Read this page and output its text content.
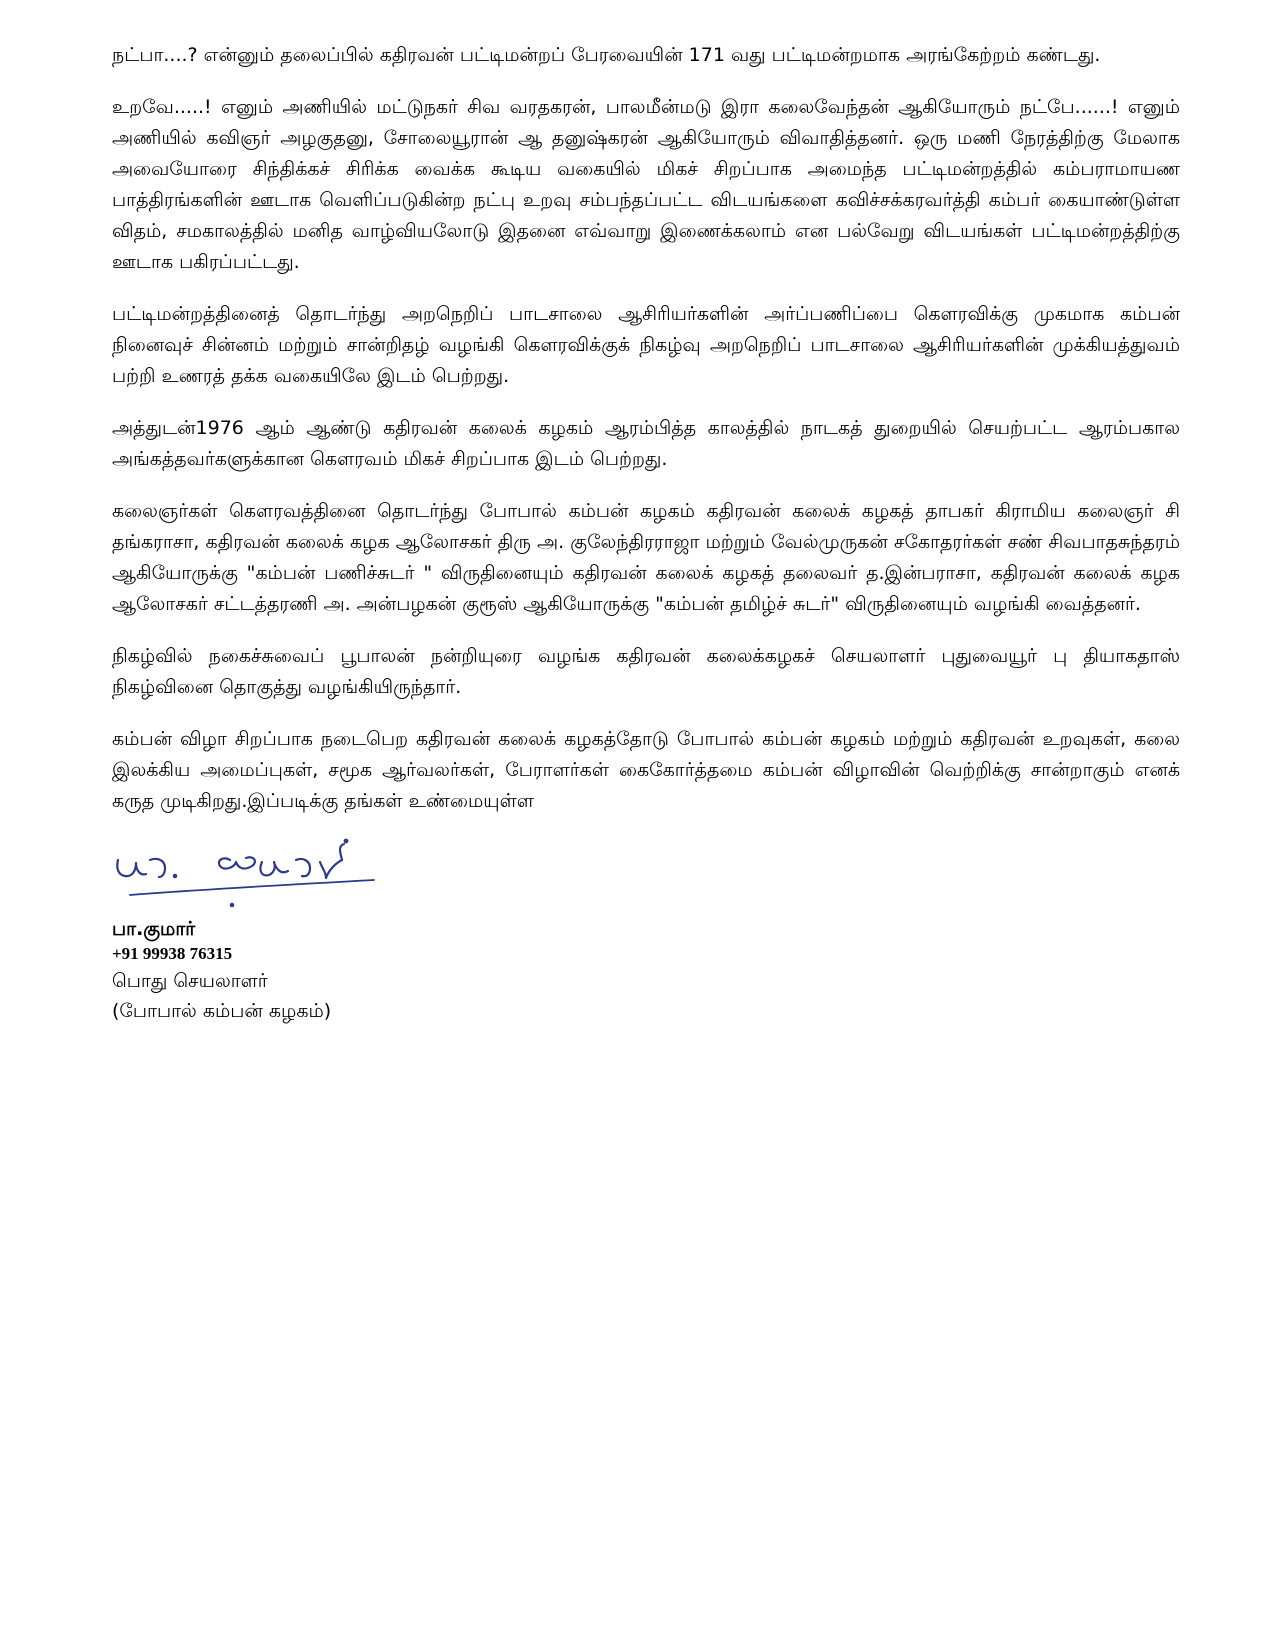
நட்பா....? என்னும் தலைப்பில் கதிரவன் பட்டிமன்றப் பேரவையின் 171 வது பட்டிமன்றமாக அரங்கேற்றம் கண்டது.

உறவே.....! எனும் அணியில் மட்டுநகர் சிவ வரதகரன், பாலமீன்மடு இரா கலைவேந்தன் ஆகியோரும் நட்பே......! எனும் அணியில் கவிஞர் அழகுதனு, சோலையூரான் ஆ தனுஷ்கரன் ஆகியோரும் விவாதித்தனர். ஒரு மணி நேரத்திற்கு மேலாக அவையோரை சிந்திக்கச் சிரிக்க வைக்க கூடிய வகையில் மிகச் சிறப்பாக அமைந்த பட்டிமன்றத்தில் கம்பராமாயண பாத்திரங்களின் ஊடாக வெளிப்படுகின்ற நட்பு உறவு சம்பந்தப்பட்ட விடயங்களை கவிச்சக்கரவர்த்தி கம்பர் கையாண்டுள்ள விதம், சமகாலத்தில் மனித வாழ்வியலோடு இதனை எவ்வாறு இணைக்கலாம் என பல்வேறு விடயங்கள் பட்டிமன்றத்திற்கு ஊடாக பகிரப்பட்டது.

பட்டிமன்றத்தினைத் தொடர்ந்து அறநெறிப் பாடசாலை ஆசிரியர்களின் அர்ப்பணிப்பை கௌரவிக்கு முகமாக கம்பன் நினைவுச் சின்னம் மற்றும் சான்றிதழ் வழங்கி கௌரவிக்குக் நிகழ்வு அறநெறிப் பாடசாலை ஆசிரியர்களின் முக்கியத்துவம் பற்றி உணரத் தக்க வகையிலே இடம் பெற்றது.

அத்துடன்1976 ஆம் ஆண்டு கதிரவன் கலைக் கழகம் ஆரம்பித்த காலத்தில் நாடகத் துறையில் செயற்பட்ட ஆரம்பகால அங்கத்தவர்களுக்கான கௌரவம் மிகச் சிறப்பாக இடம் பெற்றது.

கலைஞர்கள் கௌரவத்தினை தொடர்ந்து போபால் கம்பன் கழகம் கதிரவன் கலைக் கழகத் தாபகர் கிராமிய கலைஞர் சி தங்கராசா, கதிரவன் கலைக் கழக ஆலோசகர் திரு அ. குலேந்திரராஜா மற்றும் வேல்முருகன் சகோதரர்கள் சண் சிவபாதசுந்தரம் ஆகியோருக்கு "கம்பன் பணிச்சுடர் " விருதினையும் கதிரவன் கலைக் கழகத் தலைவர் த.இன்பராசா, கதிரவன் கலைக் கழக ஆலோசகர் சட்டத்தரணி அ. அன்பழகன் குரூஸ் ஆகியோருக்கு "கம்பன் தமிழ்ச் சுடர்" விருதினையும் வழங்கி வைத்தனர்.

நிகழ்வில் நகைச்சுவைப் பூபாலன் நன்றியுரை வழங்க கதிரவன் கலைக்கழகச் செயலாளர் புதுவையூர் பு தியாகதாஸ் நிகழ்வினை தொகுத்து வழங்கியிருந்தார்.

கம்பன் விழா சிறப்பாக நடைபெற கதிரவன் கலைக் கழகத்தோடு போபால் கம்பன் கழகம் மற்றும் கதிரவன் உறவுகள், கலை இலக்கிய அமைப்புகள், சமூக ஆர்வலர்கள், பேராளர்கள் கைகோர்த்தமை கம்பன் விழாவின் வெற்றிக்கு சான்றாகும் எனக் கருத முடிகிறது.இப்படிக்கு தங்கள் உண்மையுள்ள

பா.குமார்
+91 99938 76315
பொது செயலாளர்
(போபால் கம்பன் கழகம்)
